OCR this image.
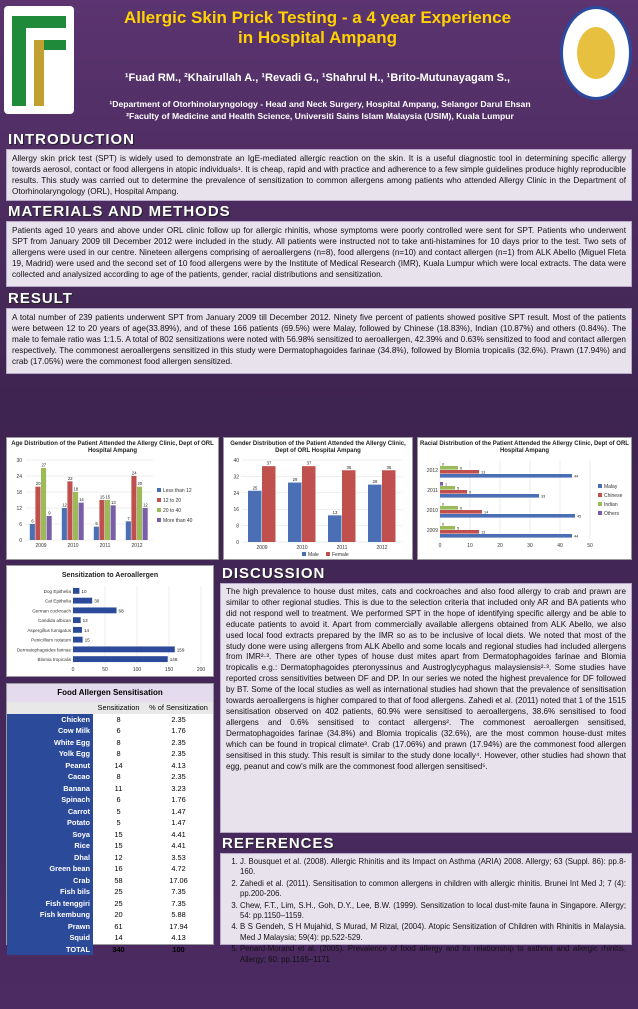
Allergic Skin Prick Testing - a 4 year Experience
in Hospital Ampang
¹Fuad RM., ²Khairullah A., ¹Revadi G., ¹Shahrul H., ¹Brito-Mutunayagam S.,
¹Department of Otorhinolaryngology - Head and Neck Surgery, Hospital Ampang, Selangor Darul Ehsan
²Faculty of Medicine and Health Science, Universiti Sains Islam Malaysia (USIM), Kuala Lumpur
INTRODUCTION
Allergy skin prick test (SPT) is widely used to demonstrate an IgE-mediated allergic reaction on the skin. It is a useful diagnostic tool in determining specific allergy towards aerosol, contact or food allergens in atopic individuals¹. It is cheap, rapid and with practice and adherence to a few simple guidelines produce highly reproducible results. This study was carried out to determine the prevalence of sensitization to common allergens among patients who attended Allergy Clinic in the Department of Otorhinolaryngology (ORL), Hospital Ampang.
MATERIALS AND METHODS
Patients aged 10 years and above under ORL clinic follow up for allergic rhinitis, whose symptoms were poorly controlled were sent for SPT. Patients who underwent SPT from January 2009 till December 2012 were included in the study. All patients were instructed not to take anti-histamines for 10 days prior to the test. Two sets of allergens were used in our centre. Nineteen allergens comprising of aeroallergens (n=8), food allergens (n=10) and contact allergen (n=1) from ALK Abello (Miguel Fleta 19, Madrid) were used and the second set of 10 food allergens were by the Institute of Medical Research (IMR), Kuala Lumpur which were local extracts. The data were collected and analysized according to age of the patients, gender, racial distributions and sensitization.
RESULT
A total number of 239 patients underwent SPT from January 2009 till December 2012. Ninety five percent of patients showed positive SPT result. Most of the patients were between 12 to 20 years of age(33.89%), and of these 166 patients (69.5%) were Malay, followed by Chinese (18.83%), Indian (10.87%) and others (0.84%). The male to female ratio was 1:1.5. A total of 802 sensitizations were noted with 56.98% sensitized to aeroallergen, 42.39% and 0.63% sensitized to food and contact allergen respectively. The commonest aeroallergens sensitized in this study were Dermatophagoides farinae (34.8%), followed by Blomia tropicalis (32.6%). Prawn (17.94%) and crab (17.05%) were the commonest food allergen sensitized.
Age Distribution of the Patient Attended the Allergy Clinic, Dept of ORL Hospital Ampang
0
6
12
18
24
30
2009
6
20
27
9
2010
12
22
18
14
2011
5
15 15
13
2012
7
24
20
12
Less than 12
12 to 20
20 to 40
More than 40
Gender Distribution of the Patient Attended the Allergy Clinic, Dept of ORL Hospital Ampang
0
8
16
24
32
40
2009
25
37
2010
29
37
2011
13
35
2012
28
35
Male	Female
Racial Distribution of the Patient Attended the Allergy Clinic, Dept of ORL Hospital Ampang
0	10	20	30	40	50
2009
44
13
5
0
2010
45
14
6
0
2011
33
9
5
1
2012
44
13
6
0
Malay
Chinese
Indian
Others
Sensitization to Aeroallergen
0	50	100	150	200
Dog Epithelia 10
Cat Epithelia	30
German cockroach	68
Candida albican	12
Aspergillus fumigatus	14
Penicillium notatum	15
Dermatophagoides farinae	159
Blomia tropicalis	148
Food Allergen Sensitisation
	Sensitization	% of Sensitization
Chicken	8	2.35
Cow Milk	6	1.76
White Egg	8	2.35
Yolk Egg	8	2.35
Peanut	14	4.13
Cacao	8	2.35
Banana	11	3.23
Spinach	6	1.76
Carrot	5	1.47
Potato	5	1.47
Soya	15	4.41
Rice	15	4.41
Dhal	12	3.53
Green bean	16	4.72
Crab	58	17.06
Fish bils	25	7.35
Fish tenggiri	25	7.35
Fish kembung	20	5.88
Prawn	61	17.94
Squid	14	4.13
TOTAL	340	100
DISCUSSION
The high prevalence to house dust mites, cats and cockroaches and also food allergy to crab and prawn are similar to other regional studies. This is due to the selection criteria that included only AR and BA patients who did not respond well to treatment. We performed SPT in the hope of identifying specific allergy and be able to educate patients to avoid it. Apart from commercially available allergens obtained from ALK Abello, we also used local food extracts prepared by the IMR so as to be inclusive of local diets. We noted that most of the study done were using allergens from ALK Abello and some locals and regional studies had included allergens from IMR²·³. There are other types of house dust mites apart from Dermatophagoides farinae and Blomia tropicalis e.g.: Dermatophagoides pteronyssinus and Austroglycyphagus malaysiensis²·³. Some studies have reported cross sensitivities between DF and DP. In our series we noted the highest prevalence for DF followed by BT. Some of the local studies as well as international studies had shown that the prevalence of sensitisation towards aeroallergens is higher compared to that of food allergens. Zahedi et al. (2011) noted that 1 of the 1515 sensitisation observed on 402 patients, 60.9% were sensitised to aeroallergens, 38.6% sensitised to food allergens and 0.6% sensitised to contact allergens². The commonest aeroallergen sensitised, Dermatophagoides farinae (34.8%) and Blomia tropicalis (32.6%), are the most common house-dust mites which can be found in tropical climate³. Crab (17.06%) and prawn (17.94%) are the commonest food allergen sensitised in this study. This result is similar to the study done locally⁴. However, other studies had shown that egg, peanut and cow's milk are the commonest food allergen sensitised⁵.
REFERENCES
1. J. Bousquet et al. (2008). Allergic Rhinitis and its Impact on Asthma (ARIA) 2008. Allergy; 63 (Suppl. 86): pp.8-160.
2. Zahedi et al. (2011). Sensitisation to common allergens in children with allergic rhinitis. Brunei Int Med J; 7 (4): pp.200-206.
3. Chew, F.T., Lim, S.H., Goh, D.Y., Lee, B.W. (1999). Sensitization to local dust-mite fauna in Singapore. Allergy; 54: pp.1150–1159.
4. B S Gendeh, S H Mujahid, S Murad, M Rizal, (2004). Atopic Sensitization of Children with Rhinitis in Malaysia. Med J Malaysia; 59(4): pp.522-529.
5. Penard-Morand et al. (2005). Prevalence of food allergy and its relationship to asthma and allergic rhinitis. Allergy; 60: pp.1165–1171
